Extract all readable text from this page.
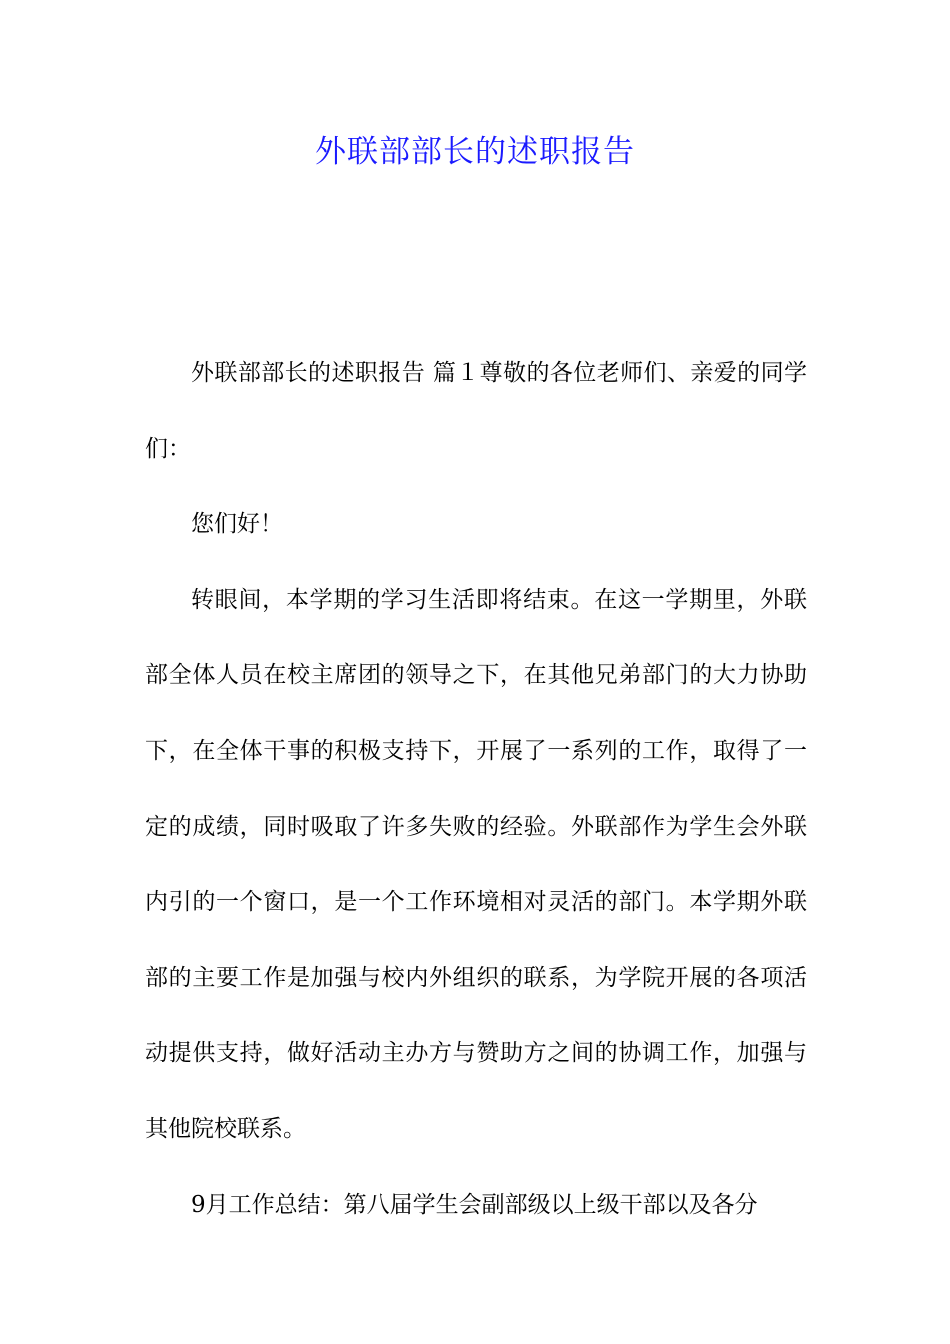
外联部部长的述职报告

外联部部长的述职报告 篇１尊敬的各位老师们、亲爱的同学们：

您们好！

转眼间，本学期的学习生活即将结束。在这一学期里，外联部全体人员在校主席团的领导之下，在其他兄弟部门的大力协助下，在全体干事的积极支持下，开展了一系列的工作，取得了一定的成绩，同时吸取了许多失败的经验。外联部作为学生会外联内引的一个窗口，是一个工作环境相对灵活的部门。本学期外联部的主要工作是加强与校内外组织的联系，为学院开展的各项活动提供支持，做好活动主办方与赞助方之间的协调工作，加强与其他院校联系。

9月工作总结：第八届学生会副部级以上级干部以及各分
